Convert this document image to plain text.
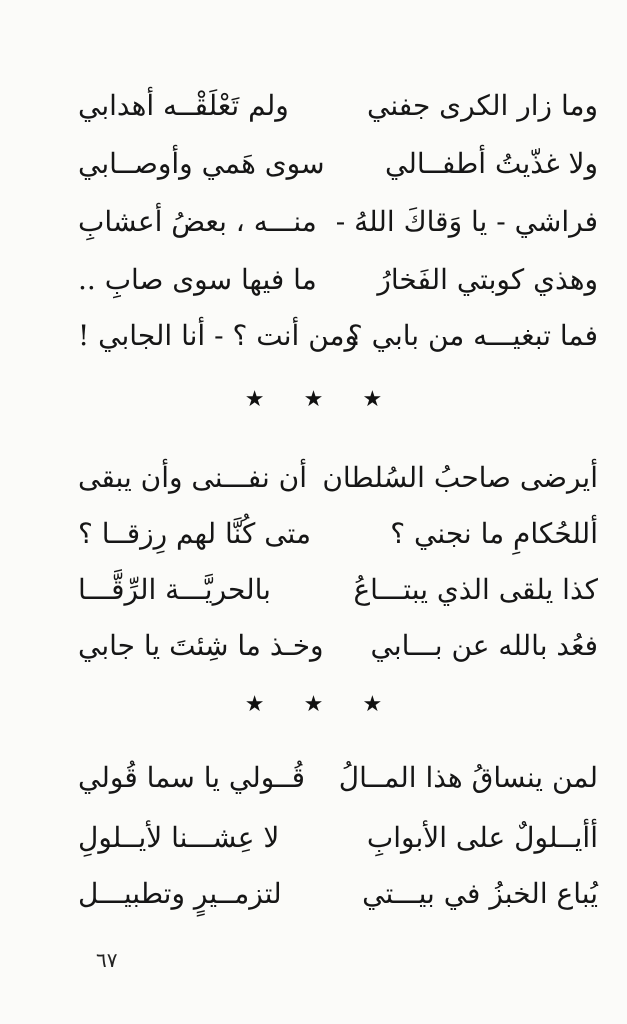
وما زار الكرى جفني
ولم تَعْلَقْــه أهدابي
ولا غذّيتُ أطفــالي
سوى هَمي وأوصــابي
فراشي - يا وَقاكَ اللهُ -
منـــه ، بعضُ أعشابِ
وهذي كوبتي الفَخارُ
ما فيها سوى صابِ ..
فما تبغيـــه من بابي ؟
ومن أنت ؟ - أنا الجابي !
★ ★ ★
أيرضى صاحبُ السُلطان
أن نفـــنى وأن يبقى
أللحُكامِ ما نجني ؟
متى كُنَّا لهم رِزقــا ؟
كذا يلقى الذي يبتـــاعُ
بالحريَّـــة الرِّقَّـــا
فعُد بالله عن بـــابي
وخـذ ما شِئتَ يا جابي
★ ★ ★
لمن ينساقُ هذا المــالُ
قُــولي يا سما قُولي
أأيــلولٌ على الأبوابِ
لا عِشـــنا لأيــلولِ
يُباع الخبزُ في بيـــتي
لتزمــيرٍ وتطبيـــل
٦٧
